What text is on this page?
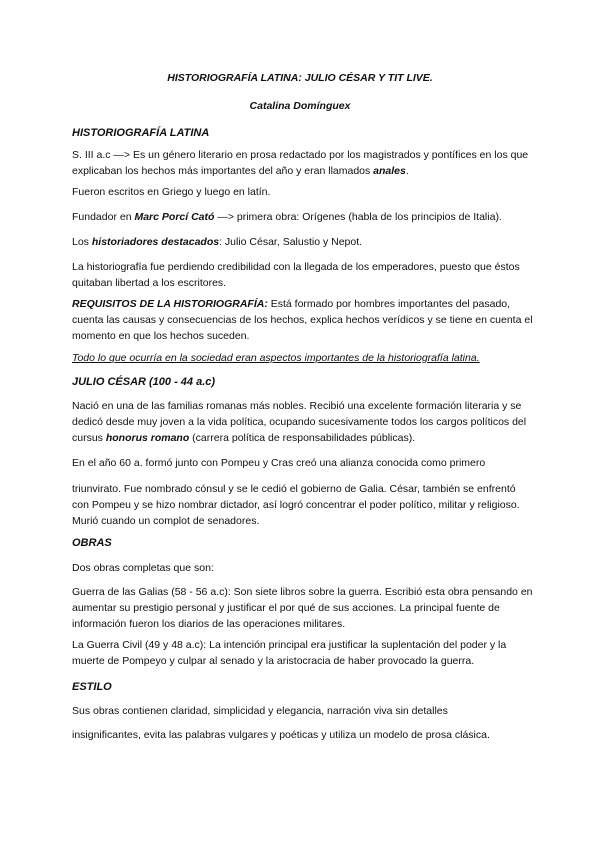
HISTORIOGRAFÍA LATINA: JULIO CÉSAR Y TIT LIVE.

Catalina Domínguex

HISTORIOGRAFÍA LATINA

S. III a.c —> Es un género literario en prosa redactado por los magistrados y pontífices en los que explicaban los hechos más importantes del año y eran llamados anales.

Fueron escritos en Griego y luego en latín.

Fundador en Marc Porcí Cató —> primera obra: Orígenes (habla de los principios de Italia).

Los historiadores destacados: Julio César, Salustio y Nepot.

La historiografía fue perdiendo credibilidad con la llegada de los emperadores, puesto que éstos quitaban libertad a los escritores.

REQUISITOS DE LA HISTORIOGRAFÍA: Está formado por hombres importantes del pasado, cuenta las causas y consecuencias de los hechos, explica hechos verídicos y se tiene en cuenta el momento en que los hechos suceden.

Todo lo que ocurría en la sociedad eran aspectos importantes de la historiografía latina.

JULIO CÉSAR (100 - 44 a.c)

Nació en una de las familias romanas más nobles. Recibió una excelente formación literaria y se dedicó desde muy joven a la vida política, ocupando sucesivamente todos los cargos políticos del cursus honorus romano (carrera política de responsabilidades públicas).

En el año 60 a. formó junto con Pompeu y Cras creó una alianza conocida como primero

triunvirato. Fue nombrado cónsul y se le cedió el gobierno de Galia. César, también se enfrentó con Pompeu y se hizo nombrar dictador, así logró concentrar el poder político, militar y religioso. Murió cuando un complot de senadores.

OBRAS

Dos obras completas que son:

Guerra de las Galias (58 - 56 a.c): Son siete libros sobre la guerra. Escribió esta obra pensando en aumentar su prestigio personal y justificar el por qué de sus acciones. La principal fuente de información fueron los diarios de las operaciones militares.

La Guerra Civil (49 y 48 a.c): La intención principal era justificar la suplentación del poder y la muerte de Pompeyo y culpar al senado y la aristocracia de haber provocado la guerra.

ESTILO

Sus obras contienen claridad, simplicidad y elegancia, narración viva sin detalles

insignificantes, evita las palabras vulgares y poéticas y utiliza un modelo de prosa clásica.
